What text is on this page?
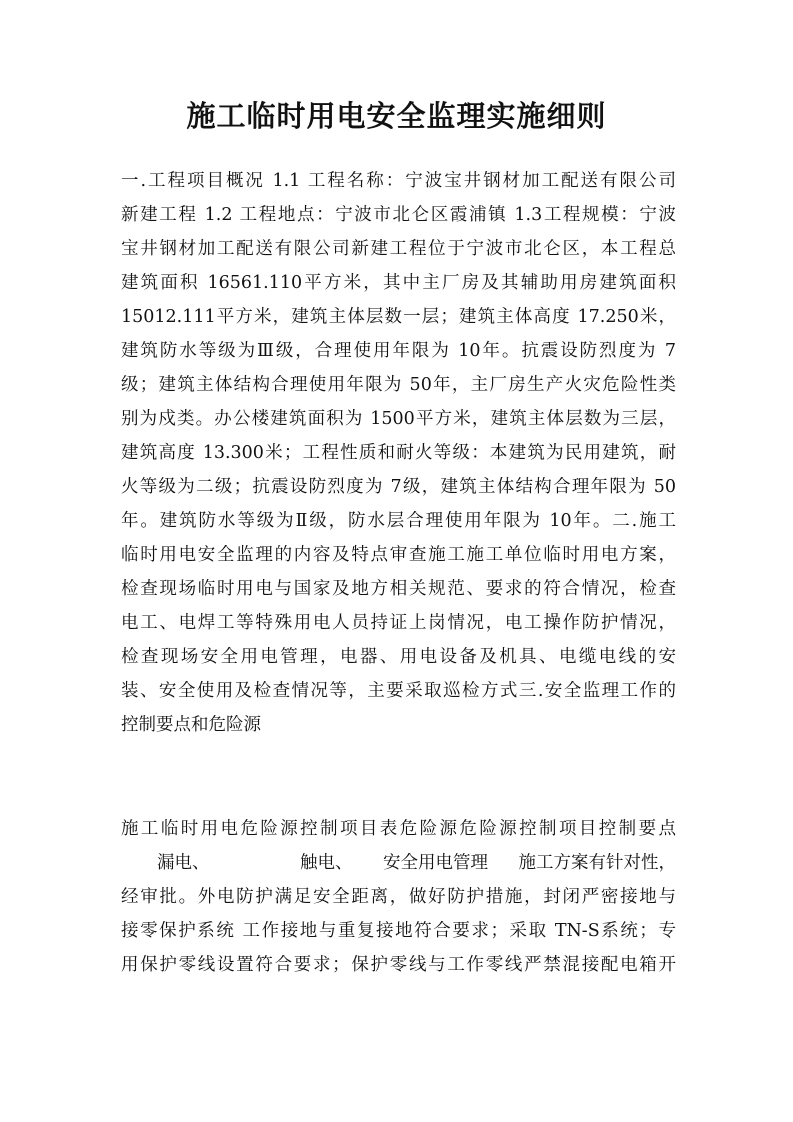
施工临时用电安全监理实施细则
一.工程项目概况 1.1 工程名称：宁波宝井钢材加工配送有限公司
新建工程 1.2 工程地点：宁波市北仑区霞浦镇 1.3工程规模：宁波
宝井钢材加工配送有限公司新建工程位于宁波市北仑区，本工程总
建筑面积 16561.110平方米，其中主厂房及其辅助用房建筑面积
15012.111平方米，建筑主体层数一层；建筑主体高度 17.250米，
建筑防水等级为Ⅲ级，合理使用年限为 10年。抗震设防烈度为 7
级；建筑主体结构合理使用年限为 50年，主厂房生产火灾危险性类
别为戍类。办公楼建筑面积为 1500平方米，建筑主体层数为三层，
建筑高度 13.300米；工程性质和耐火等级：本建筑为民用建筑，耐
火等级为二级；抗震设防烈度为 7级，建筑主体结构合理年限为 50
年。建筑防水等级为Ⅱ级，防水层合理使用年限为 10年。二.施工
临时用电安全监理的内容及特点审查施工施工单位临时用电方案，
检查现场临时用电与国家及地方相关规范、要求的符合情况，检查
电工、电焊工等特殊用电人员持证上岗情况，电工操作防护情况，
检查现场安全用电管理，电器、用电设备及机具、电缆电线的安
装、安全使用及检查情况等，主要采取巡检方式三.安全监理工作的
控制要点和危险源
施工临时用电危险源控制项目表危险源危险源控制项目控制要点
漏电、	触电、 安全用电管理 施工方案有针对性，
经审批。外电防护满足安全距离，做好防护措施，封闭严密接地与
接零保护系统 工作接地与重复接地符合要求；采取 TN-S系统；专
用保护零线设置符合要求；保护零线与工作零线严禁混接配电箱开
